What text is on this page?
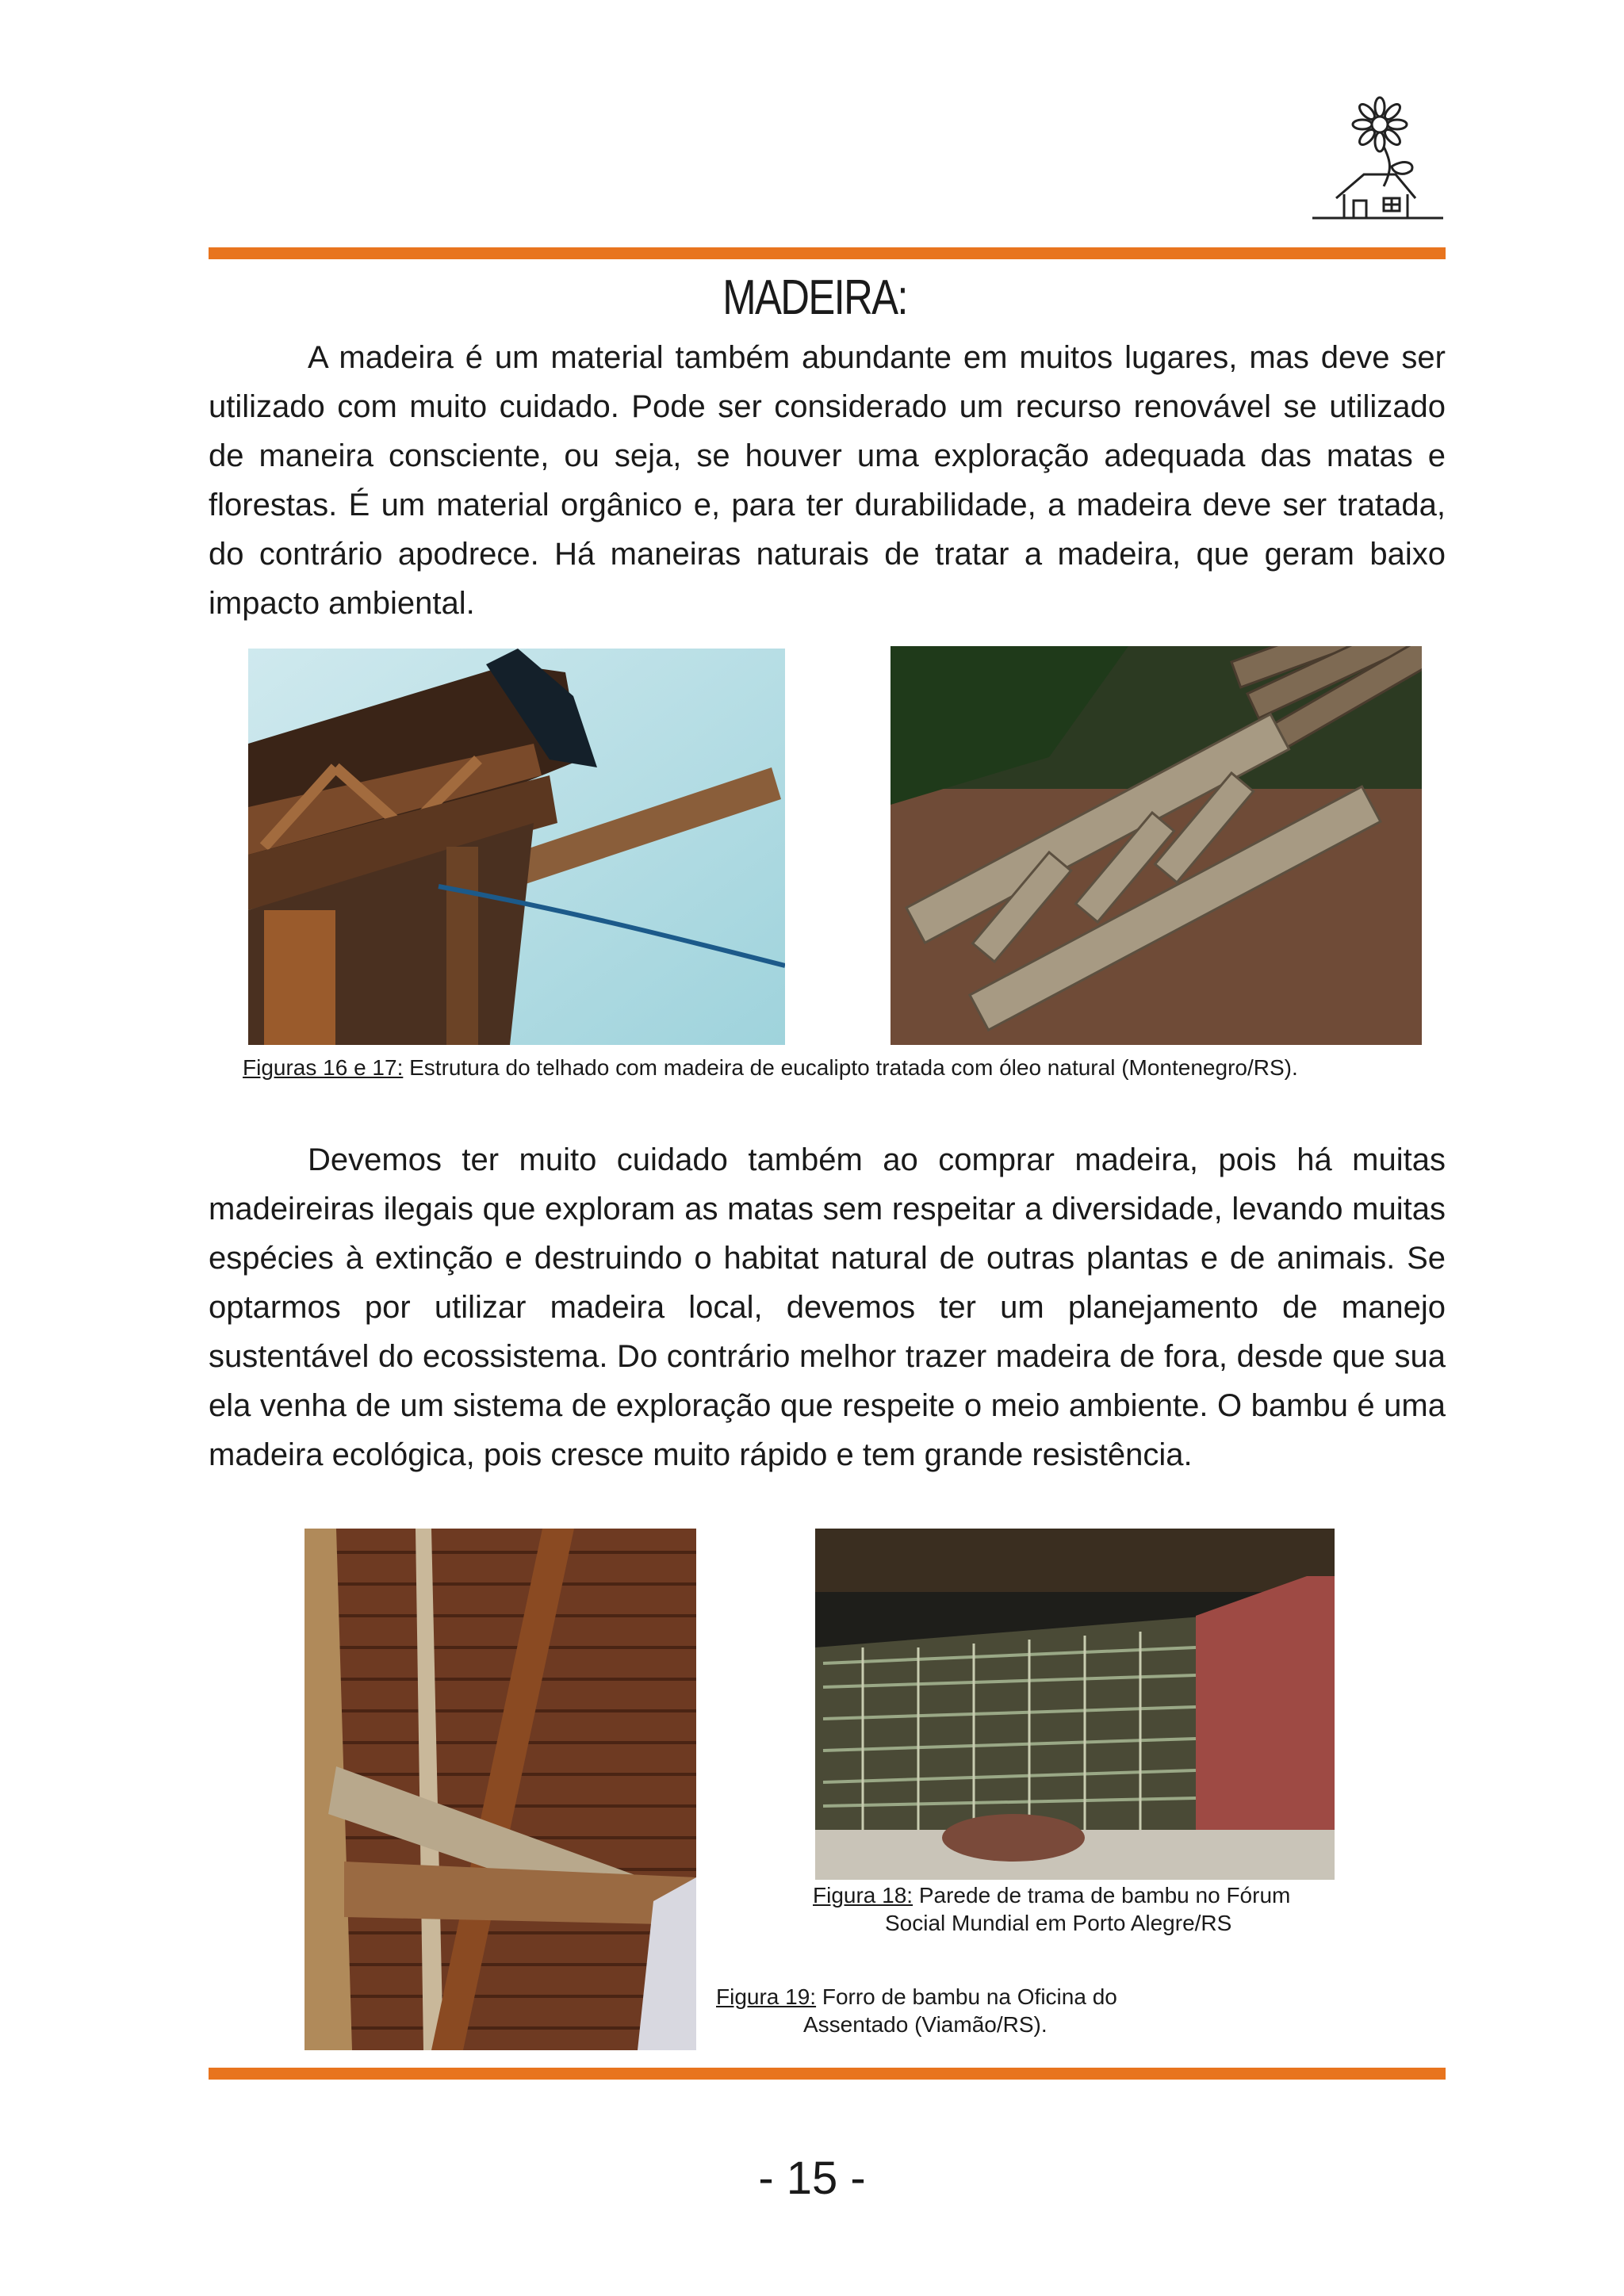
MADEIRA:

A madeira é um material também abundante em muitos lugares, mas deve ser utilizado com muito cuidado. Pode ser considerado um recurso renovável se utilizado de maneira consciente, ou seja, se houver uma exploração adequada das matas e florestas. É um material orgânico e, para ter durabilidade, a madeira deve ser tratada, do contrário apodrece. Há maneiras naturais de tratar a madeira, que geram baixo impacto ambiental.

Figuras 16 e 17: Estrutura do telhado com madeira de eucalipto tratada com óleo natural (Montenegro/RS).

Devemos ter muito cuidado também ao comprar madeira, pois há muitas madeireiras ilegais que exploram as matas sem respeitar a diversidade, levando muitas espécies à extinção e destruindo o habitat natural de outras plantas e de animais. Se optarmos por utilizar madeira local, devemos ter um planejamento de manejo sustentável do ecossistema. Do contrário melhor trazer madeira de fora, desde que sua ela venha de um sistema de exploração que respeite o meio ambiente. O bambu é uma madeira ecológica, pois cresce muito rápido e tem grande resistência.

Figura 18: Parede de trama de bambu no Fórum
Social Mundial em Porto Alegre/RS
Figura 19: Forro de bambu na Oficina do
Assentado (Viamão/RS).
- 15 -
